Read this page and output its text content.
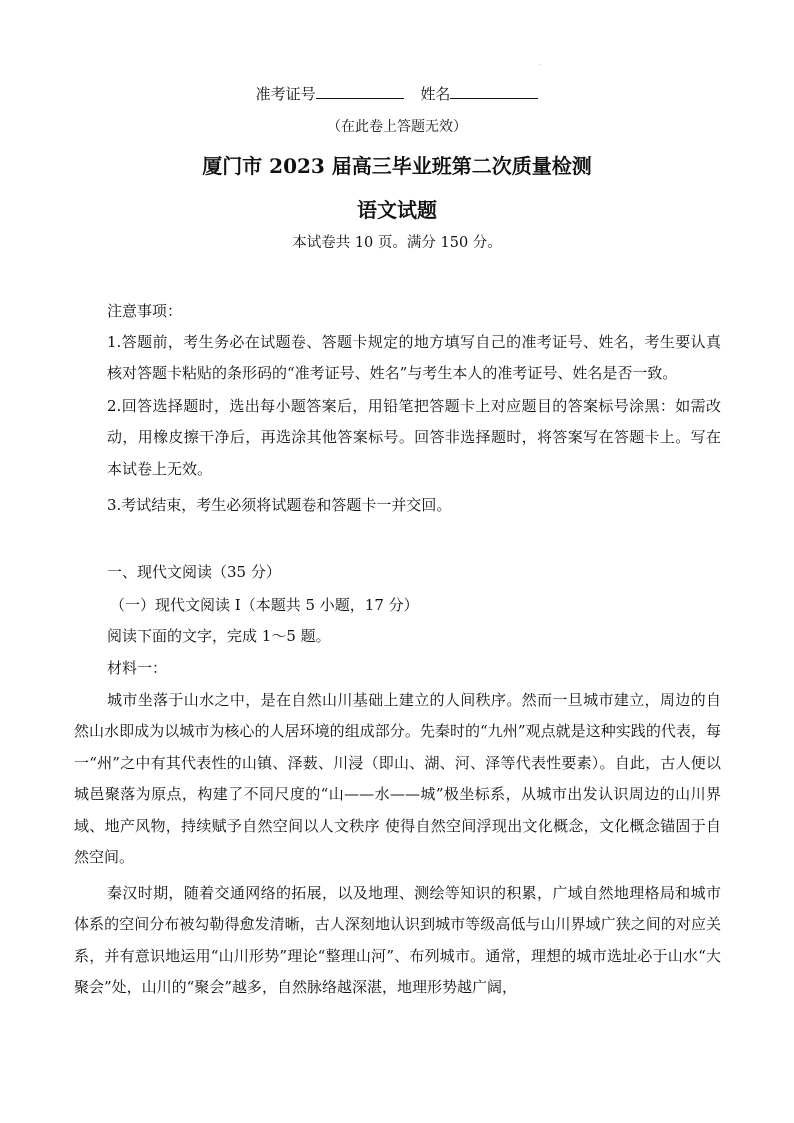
·
准考证号	姓名
（在此卷上答题无效）
厦门市 2023 届高三毕业班第二次质量检测
语文试题
本试卷共 10 页。满分 150 分。

注意事项：

1.答题前，考生务必在试题卷、答题卡规定的地方填写自己的准考证号、姓名，考生要认真核对答题卡粘贴的条形码的“准考证号、姓名”与考生本人的准考证号、姓名是否一致。

2.回答选择题时，选出每小题答案后，用铅笔把答题卡上对应题目的答案标号涂黑：如需改动，用橡皮擦干净后，再选涂其他答案标号。回答非选择题时，将答案写在答题卡上。写在本试卷上无效。

3.考试结束，考生必须将试题卷和答题卡一并交回。

一、现代文阅读（35 分）

（一）现代文阅读 I（本题共 5 小题，17 分）

阅读下面的文字，完成 1～5 题。

材料一：

城市坐落于山水之中，是在自然山川基础上建立的人间秩序。然而一旦城市建立，周边的自然山水即成为以城市为核心的人居环境的组成部分。先秦时的“九州”观点就是这种实践的代表，每一“州”之中有其代表性的山镇、泽薮、川浸（即山、湖、河、泽等代表性要素）。自此，古人便以城邑聚落为原点，构建了不同尺度的“山——水——城”极坐标系，从城市出发认识周边的山川界域、地产风物，持续赋予自然空间以人文秩序 使得自然空间浮现出文化概念，文化概念锚固于自然空间。

秦汉时期，随着交通网络的拓展，以及地理、测绘等知识的积累，广域自然地理格局和城市体系的空间分布被勾勒得愈发清晰，古人深刻地认识到城市等级高低与山川界域广狭之间的对应关系，并有意识地运用“山川形势”理论“整理山河”、布列城市。通常，理想的城市选址必于山水“大聚会”处，山川的“聚会”越多，自然脉络越深湛，地理形势越广阔，
